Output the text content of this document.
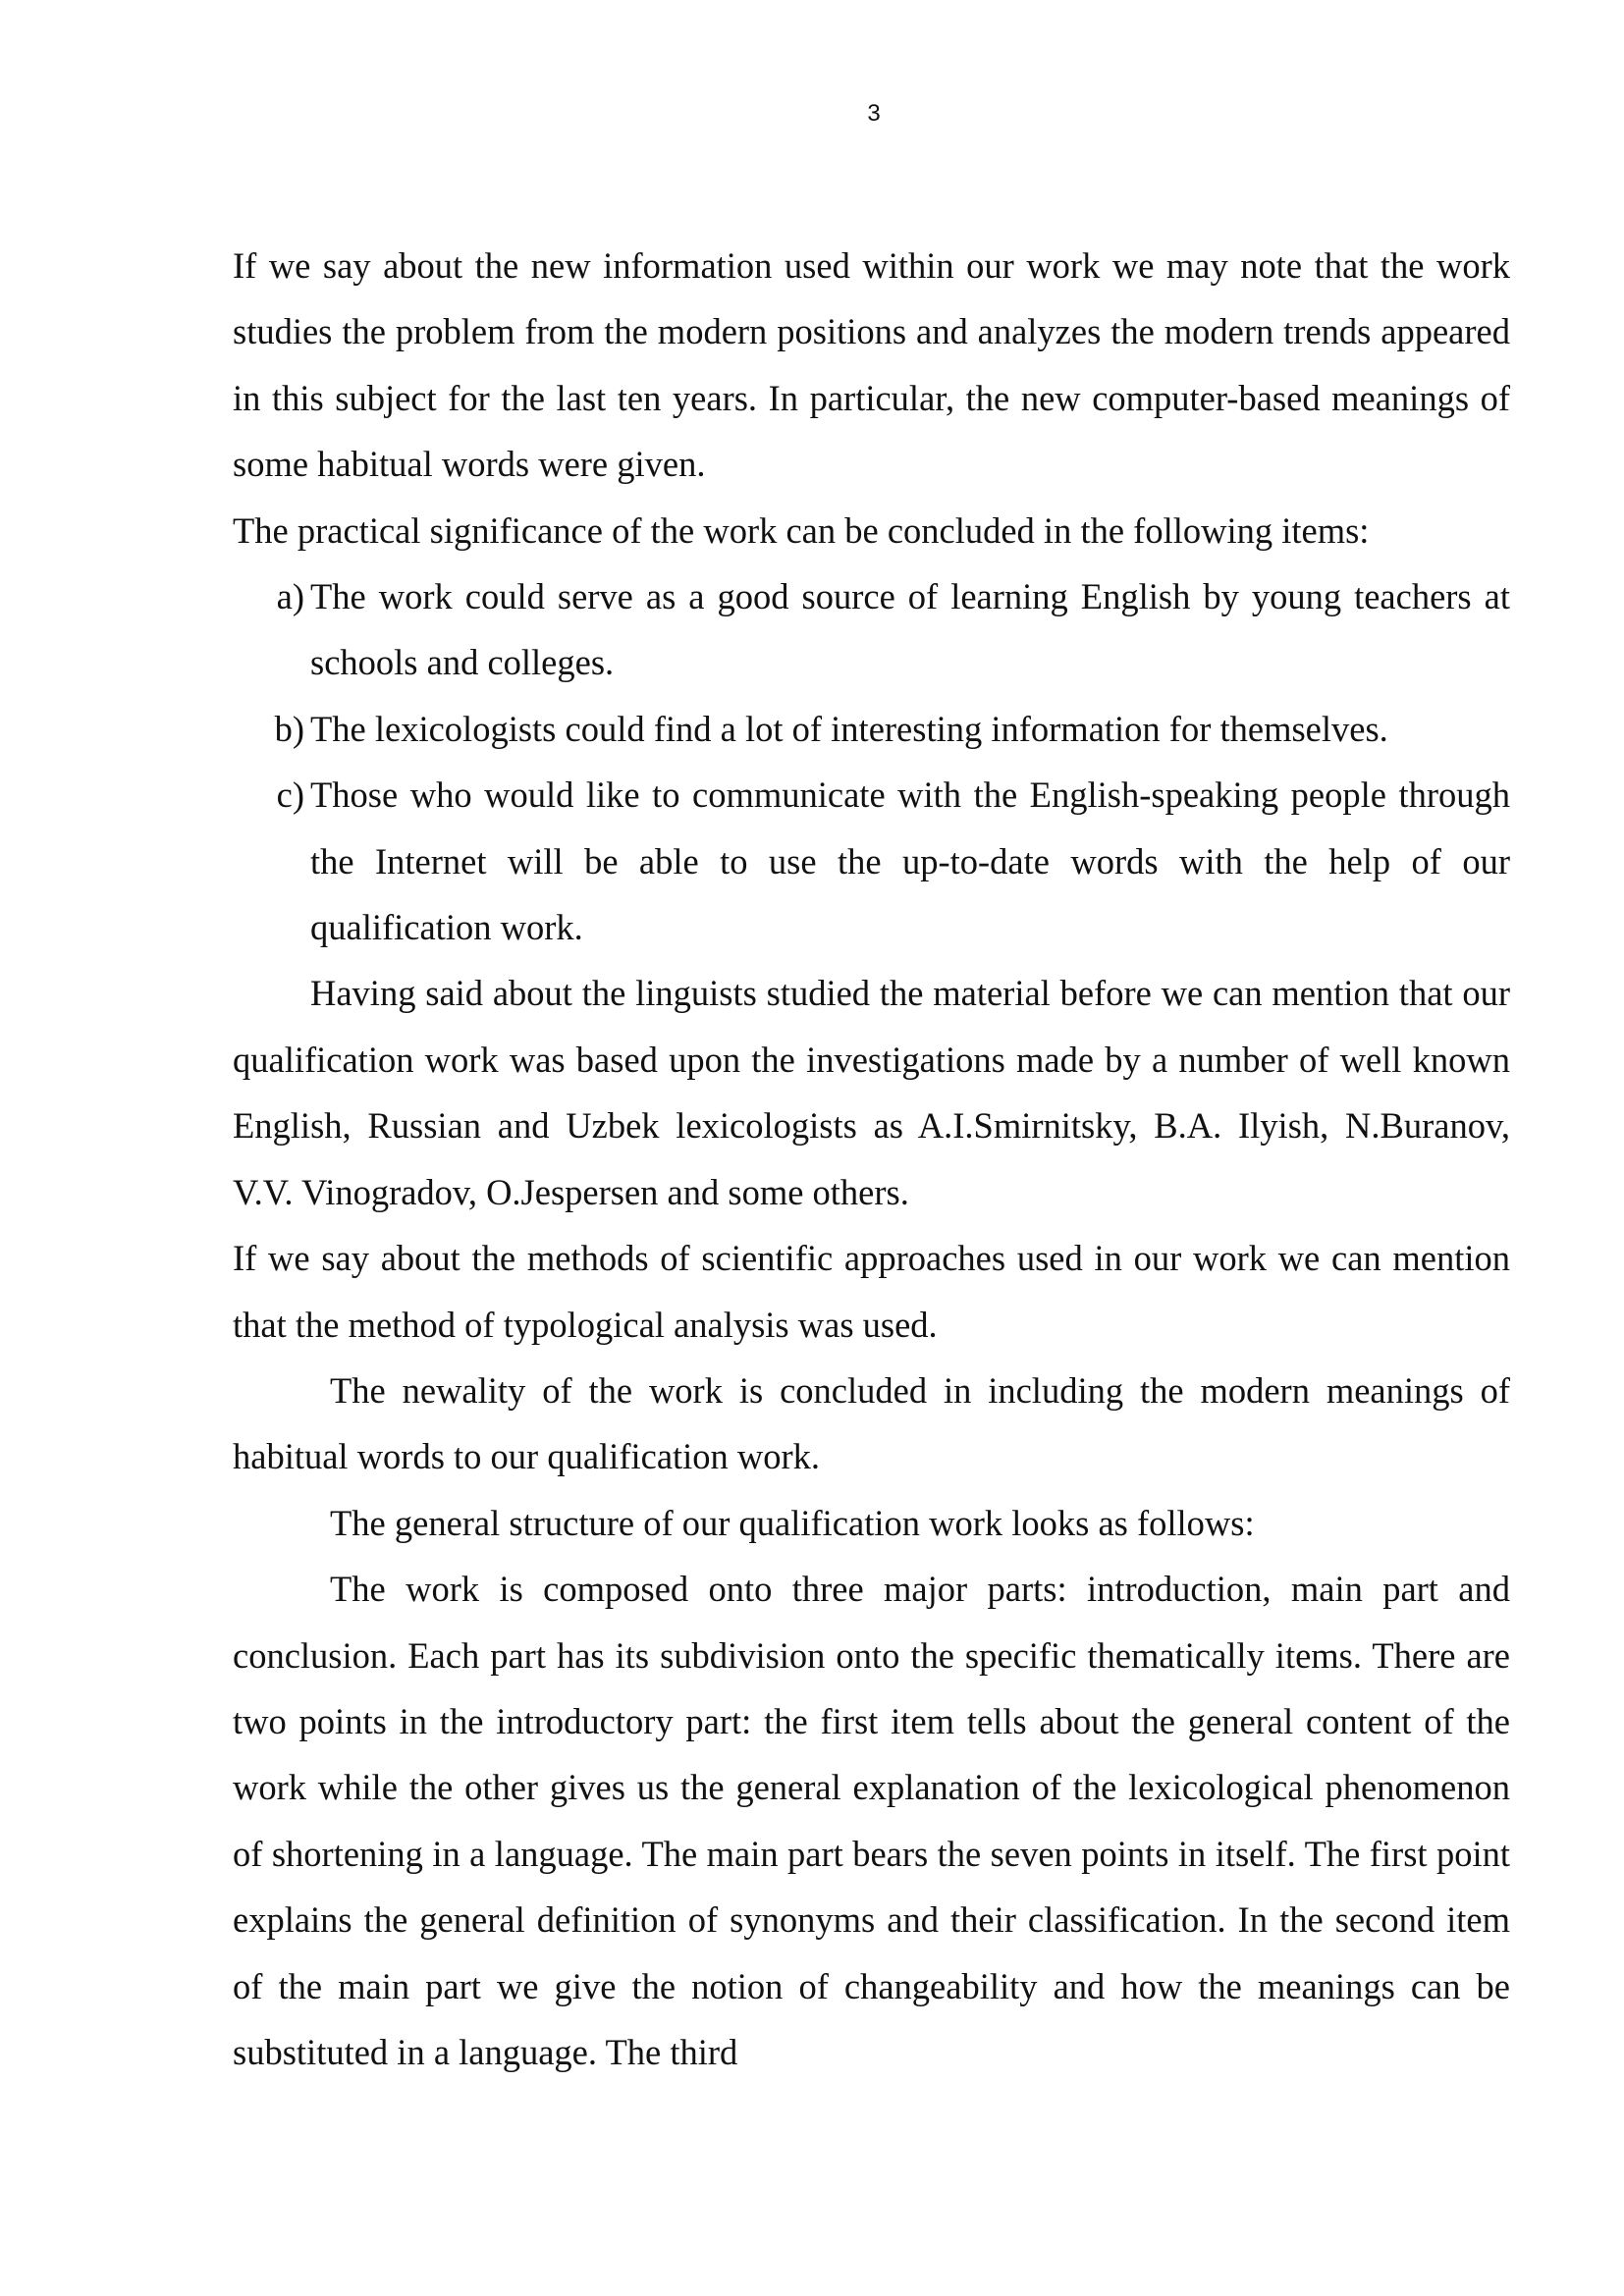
3

If we say about the new information used within our work we may note that the work studies the problem from the modern positions and analyzes the modern trends appeared in this subject for the last ten years. In particular, the new computer-based meanings of some habitual words were given.

The practical significance of the work can be concluded in the following items:

a) The work could serve as a good source of learning English by young teachers at schools and colleges.
b) The lexicologists could find a lot of interesting information for themselves.
c) Those who would like to communicate with the English-speaking people through the Internet will be able to use the up-to-date words with the help of our qualification work.

Having said about the linguists studied the material before we can mention that our qualification work was based upon the investigations made by a number of well known English, Russian and Uzbek lexicologists as A.I.Smirnitsky, B.A. Ilyish, N.Buranov, V.V. Vinogradov, O.Jespersen and some others.

If we say about the methods of scientific approaches used in our work we can mention that the method of typological analysis was used.

The newality of the work is concluded in including the modern meanings of habitual words to our qualification work.

The general structure of our qualification work looks as follows:

The work is composed onto three major parts: introduction, main part and conclusion. Each part has its subdivision onto the specific thematically items. There are two points in the introductory part: the first item tells about the general content of the work while the other gives us the general explanation of the lexicological phenomenon of shortening in a language. The main part bears the seven points in itself. The first point explains the general definition of synonyms and their classification. In the second item of the main part we give the notion of changeability and how the meanings can be substituted in a language. The third
